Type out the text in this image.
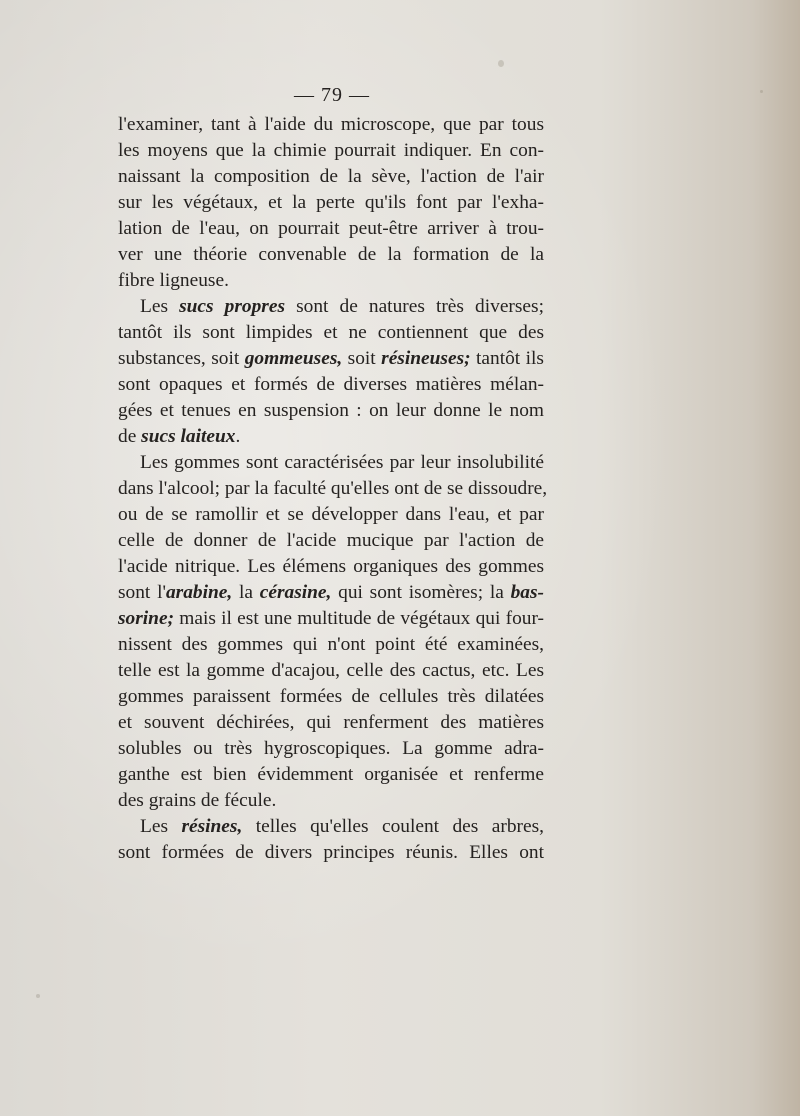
— 79 —
l'examiner, tant à l'aide du microscope, que par tous
les moyens que la chimie pourrait indiquer. En con-
naissant la composition de la sève, l'action de l'air
sur les végétaux, et la perte qu'ils font par l'exha-
lation de l'eau, on pourrait peut-être arriver à trou-
ver une théorie convenable de la formation de la
fibre ligneuse.
Les sucs propres sont de natures très diverses;
tantôt ils sont limpides et ne contiennent que des
substances, soit gommeuses, soit résineuses; tantôt ils
sont opaques et formés de diverses matières mélan-
gées et tenues en suspension : on leur donne le nom
de sucs laiteux.
Les gommes sont caractérisées par leur insolubilité
dans l'alcool; par la faculté qu'elles ont de se dissoudre,
ou de se ramollir et se développer dans l'eau, et par
celle de donner de l'acide mucique par l'action de
l'acide nitrique. Les élémens organiques des gommes
sont l'arabine, la cérasine, qui sont isomères; la bas-
sorine; mais il est une multitude de végétaux qui four-
nissent des gommes qui n'ont point été examinées,
telle est la gomme d'acajou, celle des cactus, etc. Les
gommes paraissent formées de cellules très dilatées
et souvent déchirées, qui renferment des matières
solubles ou très hygroscopiques. La gomme adra-
ganthe est bien évidemment organisée et renferme
des grains de fécule.
Les résines, telles qu'elles coulent des arbres,
sont formées de divers principes réunis. Elles ont
